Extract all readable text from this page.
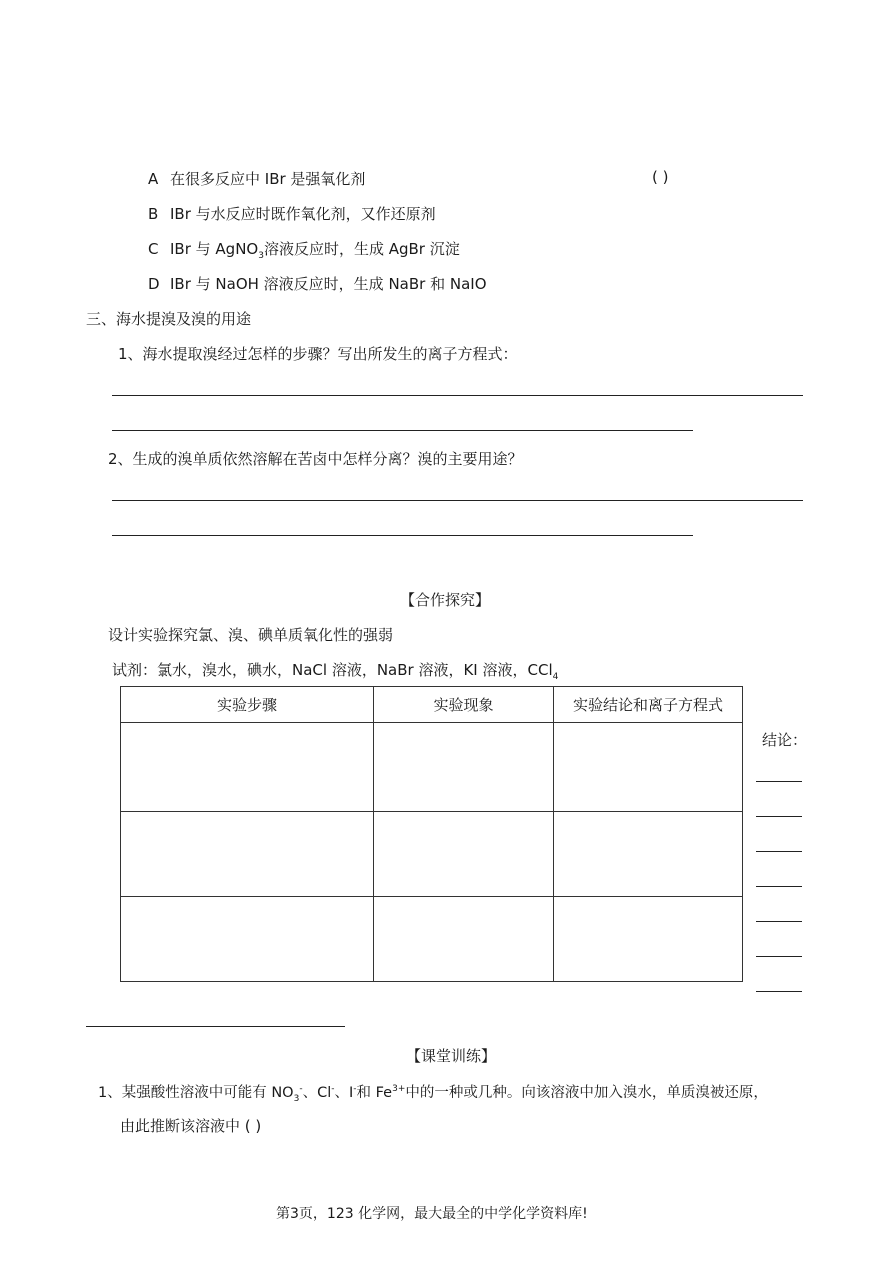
A 在很多反应中 IBr 是强氧化剂	( )
B IBr 与水反应时既作氧化剂，又作还原剂
C IBr 与 AgNO$_3$溶液反应时，生成 AgBr 沉淀
D IBr 与 NaOH 溶液反应时，生成 NaBr 和 NaIO
三、海水提溴及溴的用途
1、海水提取溴经过怎样的步骤？写出所发生的离子方程式：
2、生成的溴单质依然溶解在苦卤中怎样分离？溴的主要用途？
【合作探究】
设计实验探究氯、溴、碘单质氧化性的强弱
试剂：氯水，溴水，碘水，NaCl 溶液，NaBr 溶液，KI 溶液，CCl$_4$
实验步骤	实验现象	实验结论和离子方程式

结论：
【课堂训练】
1、某强酸性溶液中可能有 $NO_3^-$、Cl-、I-和 $Fe^{3+}$中的一种或几种。向该溶液中加入溴水，单质溴被还原，
由此推断该溶液中 ( )
第3页，123 化学网，最大最全的中学化学资料库!
